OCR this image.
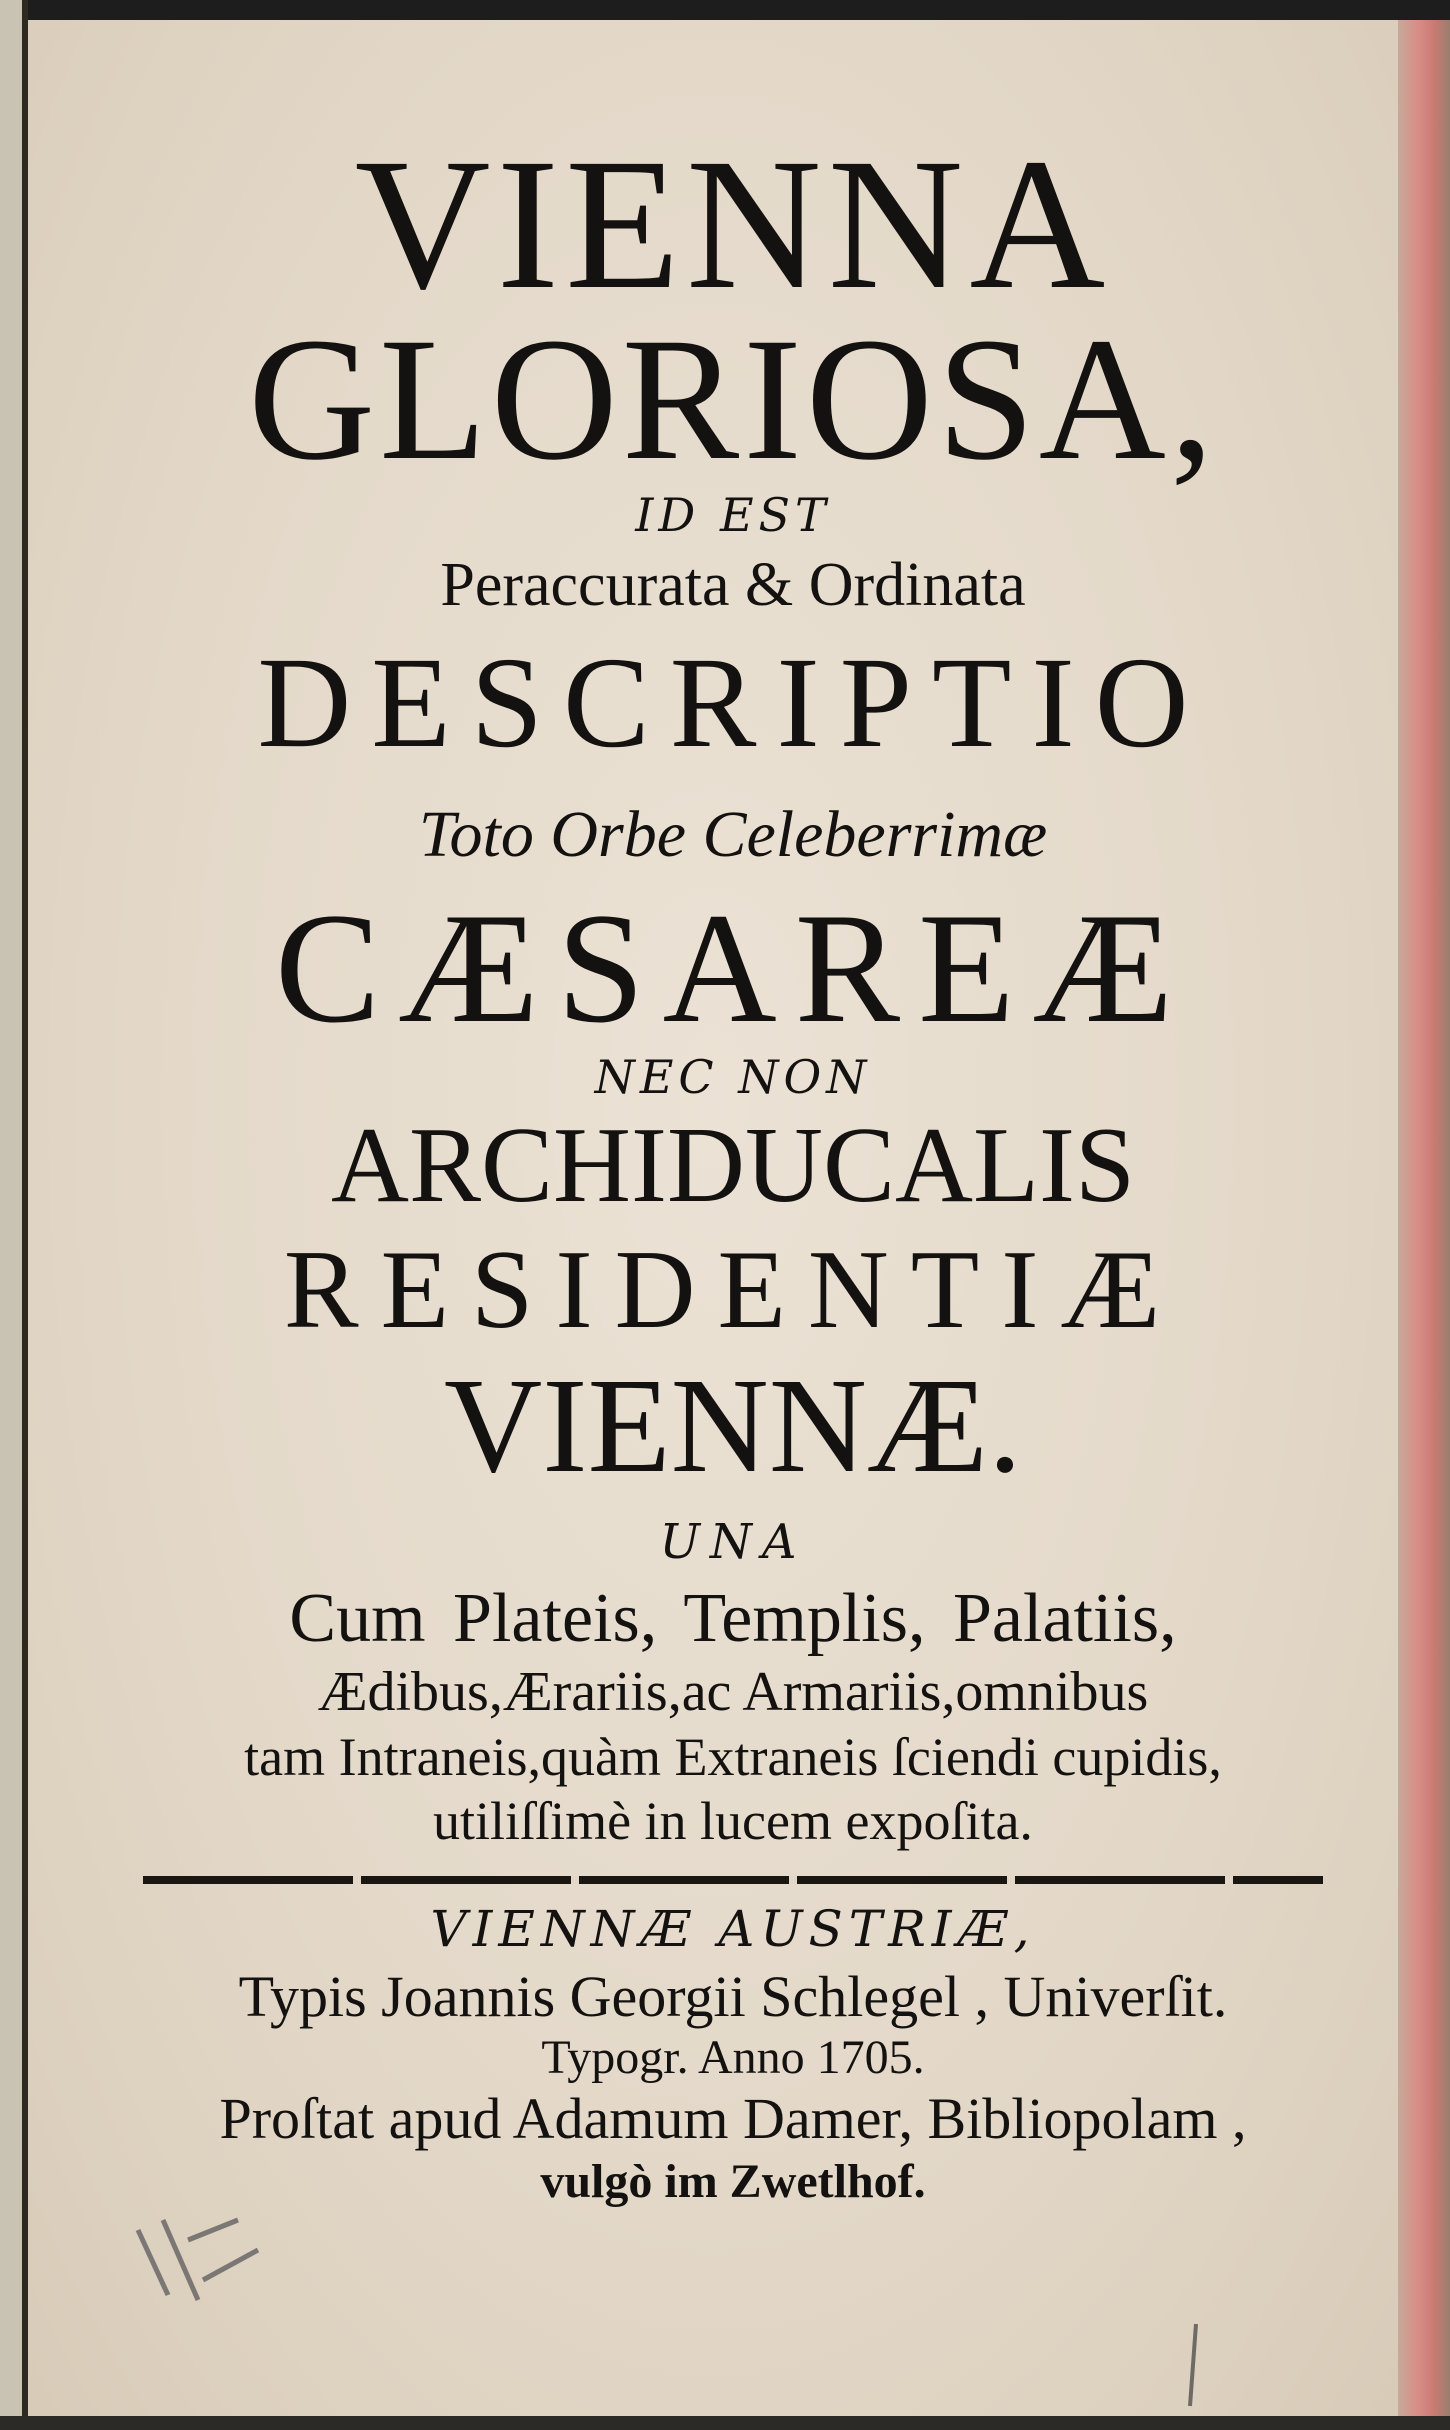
VIENNA
GLORIOSA,
ID EST
Peraccurata & Ordinata
DESCRIPTIO
Toto Orbe Celeberrimæ
CÆSAREÆ
NEC NON
ARCHIDUCALIS
RESIDENTIÆ
VIENNÆ.
UNA
Cum Plateis, Templis, Palatiis,
Ædibus,Ærariis,ac Armariis,omnibus
tam Intraneis,quàm Extraneis ſciendi cupidis,
utiliſſimè in lucem expoſita.
VIENNÆ AUSTRIÆ,
Typis Joannis Georgii Schlegel , Univerſit.
Typogr. Anno 1705.
Proſtat apud Adamum Damer, Bibliopolam ,
vulgò im Zwetlhof.
